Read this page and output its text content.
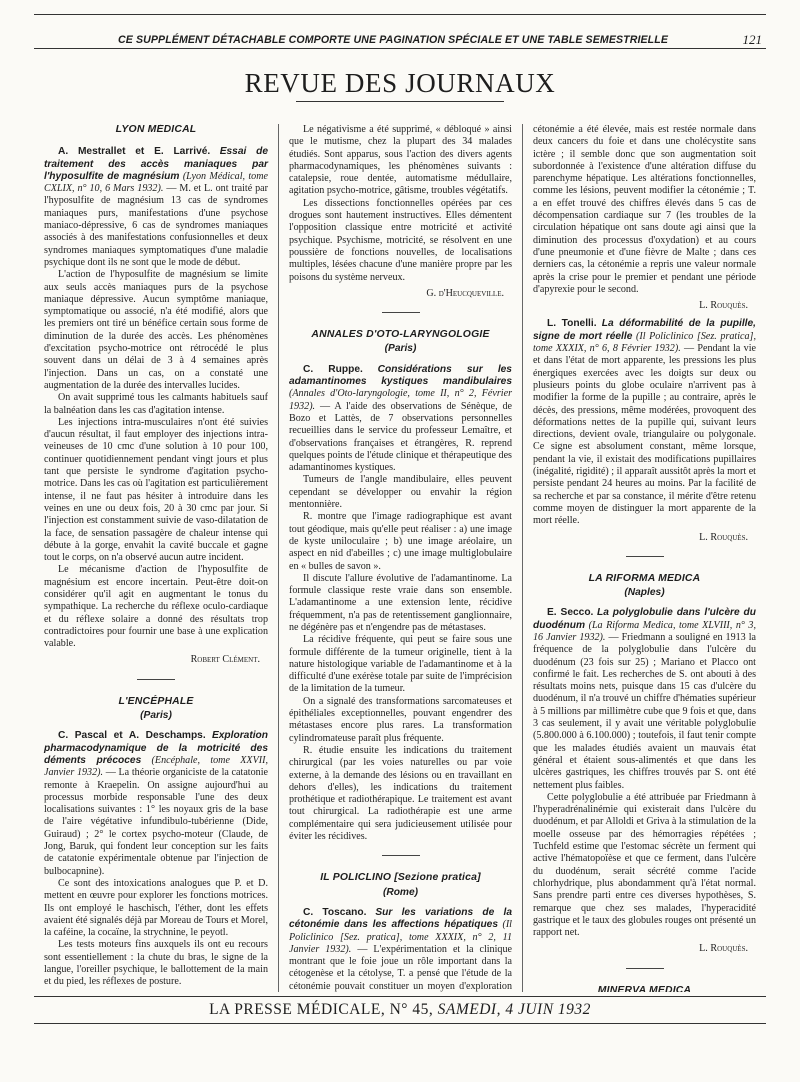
CE SUPPLÉMENT DÉTACHABLE COMPORTE UNE PAGINATION SPÉCIALE ET UNE TABLE SEMESTRIELLE	121
REVUE DES JOURNAUX
LYON MÉDICAL

A. Mestrallet et E. Larrivé. Essai de traitement des accès maniaques par l'hyposulfite de magnésium (Lyon Médical, tome CXLIX, n° 10, 6 Mars 1932). — M. et L. ont traité par l'hyposulfite de magnésium 13 cas de syndromes maniaques purs, manifestations d'une psychose maniaco-dépressive, 6 cas de syndromes maniaques associés à des manifestations confusionnelles et deux syndromes maniaques symptomatiques d'une maladie psychique dont ils ne sont que le mode de début.

L'action de l'hyposulfite de magnésium se limite aux seuls accès maniaques purs de la psychose maniaque dépressive. Aucun symptôme maniaque, symptomatique ou associé, n'a été modifié, alors que les premiers ont tiré un bénéfice certain sous forme de diminution de la durée des accès. Les phénomènes d'excitation psycho-motrice ont rétrocédé le plus souvent dans un délai de 3 à 4 semaines après l'injection. Dans un cas, on a constaté une augmentation de la durée des intervalles lucides.

On avait supprimé tous les calmants habituels sauf la balnéation dans les cas d'agitation intense.

Les injections intra-musculaires n'ont été suivies d'aucun résultat, il faut employer des injections intra-veineuses de 10 cmc d'une solution à 10 pour 100, continuer quotidiennement pendant vingt jours et plus tant que persiste le syndrome d'agitation psycho-motrice. Dans les cas où l'agitation est particulièrement intense, il ne faut pas hésiter à introduire dans les veines en une ou deux fois, 20 à 30 cmc par jour. Si l'injection est constamment suivie de vaso-dilatation de la face, de sensation passagère de chaleur intense qui débute à la gorge, envahit la cavité buccale et gagne tout le corps, on n'a observé aucun autre incident.

Le mécanisme d'action de l'hyposulfite de magnésium est encore incertain. Peut-être doit-on considérer qu'il agit en augmentant le tonus du sympathique. La recherche du réflexe oculo-cardiaque et du réflexe solaire a donné des résultats trop contradictoires pour fournir une base à une explication valable.

Robert Clément.
L'ENCÉPHALE
(Paris)

C. Pascal et A. Deschamps. Exploration pharmacodynamique de la motricité des déments précoces (Encéphale, tome XXVII, Janvier 1932). — La théorie organiciste de la catatonie remonte à Kraepelin. On assigne aujourd'hui au processus morbide responsable l'une des deux localisations suivantes : 1° les noyaux gris de la base de l'aire végétative infundibulo-tubérienne (Dide, Guiraud) ; 2° le cortex psycho-moteur (Claude, de Jong, Baruk, qui fondent leur conception sur les faits de catatonie expérimentale obtenue par l'injection de bulbocapnine).

Ce sont des intoxications analogues que P. et D. mettent en œuvre pour explorer les fonctions motrices. Ils ont employé le haschisch, l'éther, dont les effets avaient été signalés déjà par Moreau de Tours et Morel, la caféine, la cocaïne, la strychnine, le peyotl.

Les tests moteurs fins auxquels ils ont eu recours sont essentiellement : la chute du bras, le signe de la langue, l'oreiller psychique, le ballottement de la main et du pied, les réflexes de posture.

Le négativisme a été supprimé, « débloqué » ainsi que le mutisme, chez la plupart des 34 malades étudiés. Sont apparus, sous l'action des divers agents pharmacodynamiques, les phénomènes suivants : catalepsie, roue dentée, automatisme médullaire, agitation psycho-motrice, gâtisme, troubles végétatifs.

Les dissections fonctionnelles opérées par ces drogues sont hautement instructives. Elles démentent l'opposition classique entre motricité et activité psychique. Psychisme, motricité, se résolvent en une poussière de fonctions nouvelles, de localisations multiples, lésées chacune d'une manière propre par les poisons du système nerveux.

G. d'Heucqueville.
ANNALES D'OTO-LARYNGOLOGIE
(Paris)

C. Ruppe. Considérations sur les adamantinomes kystiques mandibulaires (Annales d'Oto-laryngologie, tome II, n° 2, Février 1932). — A l'aide des observations de Sénèque, de Bozo et Lattès, de 7 observations personnelles recueillies dans le service du professeur Lemaître, et d'observations françaises et étrangères, R. reprend quelques points de l'étude clinique et thérapeutique des adamantinomes kystiques.

Tumeurs de l'angle mandibulaire, elles peuvent cependant se développer ou envahir la région mentonnière.

R. montre que l'image radiographique est avant tout géodique, mais qu'elle peut réaliser : a) une image de kyste uniloculaire ; b) une image aréolaire, un aspect en nid d'abeilles ; c) une image multiglobulaire en « bulles de savon ».

Il discute l'allure évolutive de l'adamantinome. La formule classique reste vraie dans son ensemble. L'adamantinome a une extension lente, récidive fréquemment, n'a pas de retentissement ganglionnaire, ne dégénère pas et n'engendre pas de métastases.

La récidive fréquente, qui peut se faire sous une formule différente de la tumeur originelle, tient à la nature histologique variable de l'adamantinome et à la difficulté d'une exérèse totale par suite de l'imprécision de la limitation de la tumeur.

On a signalé des transformations sarcomateuses et épithéliales exceptionnelles, pouvant engendrer des métastases encore plus rares. La transformation cylindromateuse paraît plus fréquente.

R. étudie ensuite les indications du traitement chirurgical (par les voies naturelles ou par voie externe, à la demande des lésions ou en travaillant en dehors d'elles), les indications du traitement prothétique et radiothérapique. Le traitement est avant tout chirurgical. La radiothérapie est une arme complémentaire qui sera judicieusement utilisée pour éviter les récidives.

IL POLICLINO [Sezione pratica]
(Rome)

C. Toscano. Sur les variations de la cétonémie dans les affections hépatiques (Il Policlinico [Sez. pratica], tome XXXIX, n° 2, 11 Janvier 1932). — L'expérimentation et la clinique montrant que le foie joue un rôle important dans la cétogenèse et la cétolyse, T. a pensé que l'étude de la cétonémie pouvait constituer un moyen d'exploration

cétonémie a été élevée, mais est restée normale dans deux cancers du foie et dans une cholécystite sans ictère ; il semble donc que son augmentation soit subordonnée à l'existence d'une altération diffuse du parenchyme hépatique. Les altérations fonctionnelles, comme les lésions, peuvent modifier la cétonémie ; T. a en effet trouvé des chiffres élevés dans 5 cas de décompensation cardiaque sur 7 (les troubles de la circulation hépatique ont sans doute agi ainsi que la diminution des processus d'oxydation) et au cours d'une pneumonie et d'une fièvre de Malte ; dans ces derniers cas, la cétonémie a repris une valeur normale après la crise pour le premier et pendant une période d'apyrexie pour le second.

L. Rouquès.

L. Tonelli. La déformabilité de la pupille, signe de mort réelle (Il Policlinico [Sez. pratica], tome XXXIX, n° 6, 8 Février 1932). — Pendant la vie et dans l'état de mort apparente, les pressions les plus énergiques exercées avec les doigts sur deux ou plusieurs points du globe oculaire n'arrivent pas à modifier la forme de la pupille ; au contraire, après le décès, des pressions, même modérées, provoquent des déformations nettes de la pupille qui, suivant leurs directions, devient ovale, triangulaire ou polygonale. Ce signe est absolument constant, même lorsque, pendant la vie, il existait des modifications pupillaires (inégalité, rigidité) ; il apparaît aussitôt après la mort et persiste pendant 24 heures au moins. Par la facilité de sa recherche et par sa constance, il mérite d'être retenu comme moyen de distinguer la mort apparente de la mort réelle.

L. Rouquès.
LA RIFORMA MEDICA
(Naples)

E. Secco. La polyglobulie dans l'ulcère du duodénum (La Riforma Medica, tome XLVIII, n° 3, 16 Janvier 1932). — Friedmann a souligné en 1913 la fréquence de la polyglobulie dans l'ulcère du duodénum (23 fois sur 25) ; Mariano et Placco ont confirmé le fait. Les recherches de S. ont abouti à des résultats moins nets, puisque dans 15 cas d'ulcère du duodénum, il n'a trouvé un chiffre d'hématies supérieur à 5 millions par millimètre cube que 9 fois et que, dans 3 cas seulement, il y avait une véritable polyglobulie (5.800.000 à 6.100.000) ; toutefois, il faut tenir compte que les malades étudiés avaient un mauvais état général et étaient sous-alimentés et que dans les ulcères gastriques, les chiffres trouvés par S. ont été nettement plus faibles.

Cette polyglobulie a été attribuée par Friedmann à l'hyperadrénalinémie qui existerait dans l'ulcère du duodénum, et par Alloldi et Griva à la stimulation de la moelle osseuse par des hémorragies répétées ; Tuchfeld estime que l'estomac sécrète un ferment qui active l'hématopoïèse et que ce ferment, dans l'ulcère du duodénum, serait sécrété comme l'acide chlorhydrique, plus abondamment qu'à l'état normal. Sans prendre parti entre ces diverses hypothèses, S. remarque que chez ses malades, l'hyperacidité gastrique et le taux des globules rouges ont présenté un rapport net.

L. Rouquès.
MINERVA MEDICA

LA PRESSE MÉDICALE, N° 45, SAMEDI, 4 JUIN 1932
